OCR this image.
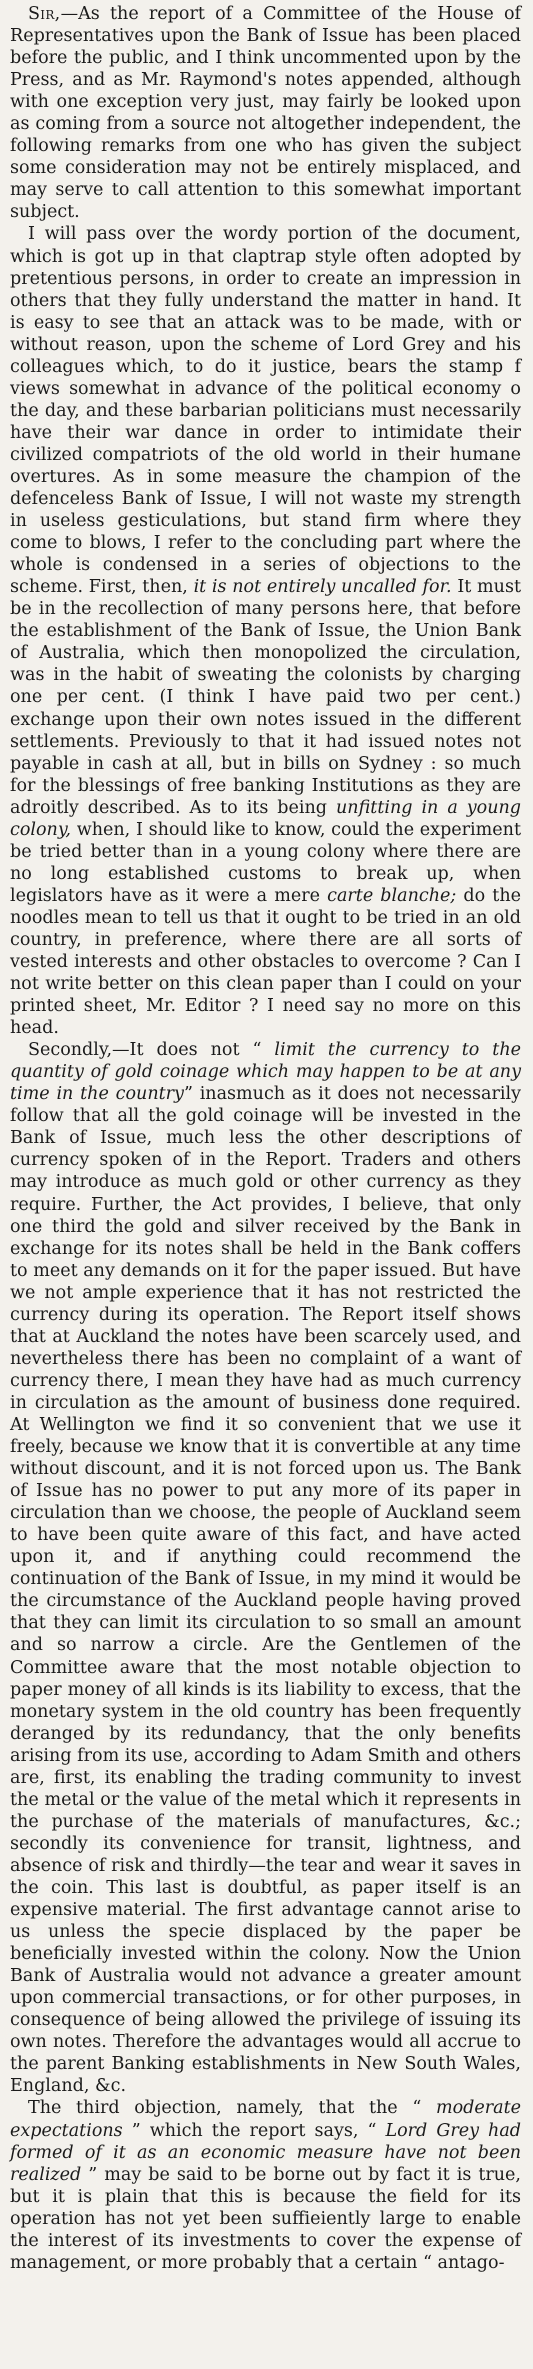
Sir,—As the report of a Committee of the House of Representatives upon the Bank of Issue has been placed before the public, and I think uncommented upon by the Press, and as Mr. Raymond's notes appended, although with one exception very just, may fairly be looked upon as coming from a source not altogether independent, the following remarks from one who has given the subject some consideration may not be entirely misplaced, and may serve to call attention to this somewhat important subject.

I will pass over the wordy portion of the document, which is got up in that claptrap style often adopted by pretentious persons, in order to create an impression in others that they fully understand the matter in hand. It is easy to see that an attack was to be made, with or without reason, upon the scheme of Lord Grey and his colleagues which, to do it justice, bears the stamp f views somewhat in advance of the political economy o the day, and these barbarian politicians must necessarily have their war dance in order to intimidate their civilized compatriots of the old world in their humane overtures. As in some measure the champion of the defenceless Bank of Issue, I will not waste my strength in useless gesticulations, but stand firm where they come to blows, I refer to the concluding part where the whole is condensed in a series of objections to the scheme. First, then, it is not entirely uncalled for. It must be in the recollection of many persons here, that before the establishment of the Bank of Issue, the Union Bank of Australia, which then monopolized the circulation, was in the habit of sweating the colonists by charging one per cent. (I think I have paid two per cent.) exchange upon their own notes issued in the different settlements. Previously to that it had issued notes not payable in cash at all, but in bills on Sydney : so much for the blessings of free banking Institutions as they are adroitly described. As to its being unfitting in a young colony, when, I should like to know, could the experiment be tried better than in a young colony where there are no long established customs to break up, when legislators have as it were a mere carte blanche; do the noodles mean to tell us that it ought to be tried in an old country, in preference, where there are all sorts of vested interests and other obstacles to overcome ? Can I not write better on this clean paper than I could on your printed sheet, Mr. Editor ? I need say no more on this head.

Secondly,—It does not “ limit the currency to the quantity of gold coinage which may happen to be at any time in the country” inasmuch as it does not necessarily follow that all the gold coinage will be invested in the Bank of Issue, much less the other descriptions of currency spoken of in the Report. Traders and others may introduce as much gold or other currency as they require. Further, the Act provides, I believe, that only one third the gold and silver received by the Bank in exchange for its notes shall be held in the Bank coffers to meet any demands on it for the paper issued. But have we not ample experience that it has not restricted the currency during its operation. The Report itself shows that at Auckland the notes have been scarcely used, and nevertheless there has been no complaint of a want of currency there, I mean they have had as much currency in circulation as the amount of business done required. At Wellington we find it so convenient that we use it freely, because we know that it is convertible at any time without discount, and it is not forced upon us. The Bank of Issue has no power to put any more of its paper in circulation than we choose, the people of Auckland seem to have been quite aware of this fact, and have acted upon it, and if anything could recommend the continuation of the Bank of Issue, in my mind it would be the circumstance of the Auckland people having proved that they can limit its circulation to so small an amount and so narrow a circle. Are the Gentlemen of the Committee aware that the most notable objection to paper money of all kinds is its liability to excess, that the monetary system in the old country has been frequently deranged by its redundancy, that the only benefits arising from its use, according to Adam Smith and others are, first, its enabling the trading community to invest the metal or the value of the metal which it represents in the purchase of the materials of manufactures, &c.; secondly its convenience for transit, lightness, and absence of risk and thirdly—the tear and wear it saves in the coin. This last is doubtful, as paper itself is an expensive material. The first advantage cannot arise to us unless the specie displaced by the paper be beneficially invested within the colony. Now the Union Bank of Australia would not advance a greater amount upon commercial transactions, or for other purposes, in consequence of being allowed the privilege of issuing its own notes. Therefore the advantages would all accrue to the parent Banking establishments in New South Wales, England, &c.

The third objection, namely, that the “ moderate expectations ” which the report says, “ Lord Grey had formed of it as an economic measure have not been realized ” may be said to be borne out by fact it is true, but it is plain that this is because the field for its operation has not yet been suffieiently large to enable the interest of its investments to cover the expense of management, or more probably that a certain “ antago-
